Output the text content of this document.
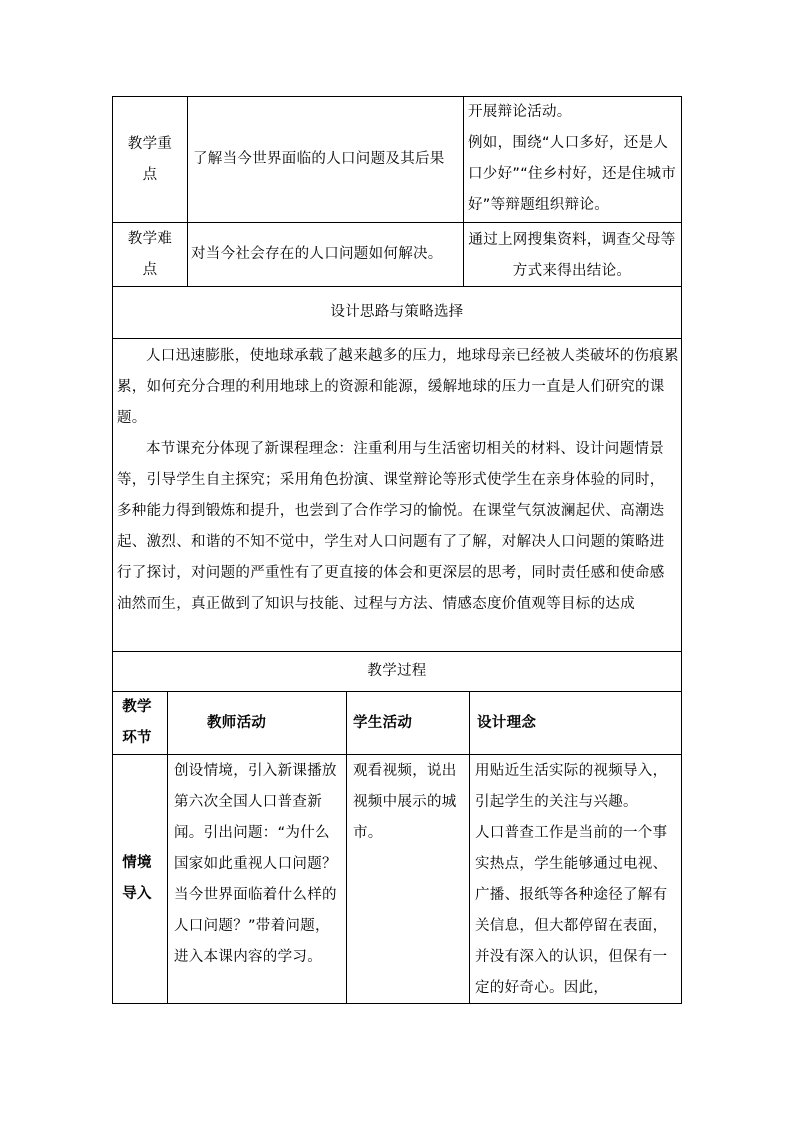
教学重点
了解当今世界面临的人口问题及其后果

开展辩论活动。

例如，围绕“人口多好，还是人口少好”“住乡村好，还是住城市好”等辩题组织辩论。

教学难点
对当今社会存在的人口问题如何解决。
通过上网搜集资料，调查父母等方式来得出结论。
设计思路与策略选择

人口迅速膨胀，使地球承载了越来越多的压力，地球母亲已经被人类破坏的伤痕累累，如何充分合理的利用地球上的资源和能源，缓解地球的压力一直是人们研究的课题。

本节课充分体现了新课程理念：注重利用与生活密切相关的材料、设计问题情景等，引导学生自主探究；采用角色扮演、课堂辩论等形式使学生在亲身体验的同时，多种能力得到锻炼和提升，也尝到了合作学习的愉悦。在课堂气氛波澜起伏、高潮迭起、激烈、和谐的不知不觉中，学生对人口问题有了了解，对解决人口问题的策略进行了探讨，对问题的严重性有了更直接的体会和更深层的思考，同时责任感和使命感油然而生，真正做到了知识与技能、过程与方法、情感态度价值观等目标的达成

教学过程
教学环节
教师活动	学生活动	设计理念
情境导入
创设情境，引入新课播放第六次全国人口普查新闻。引出问题：“为什么国家如此重视人口问题？当今世界面临着什么样的人口问题？”带着问题，进入本课内容的学习。
观看视频，说出视频中展示的城市。

用贴近生活实际的视频导入，引起学生的关注与兴趣。

人口普查工作是当前的一个事实热点，学生能够通过电视、广播、报纸等各种途径了解有关信息，但大都停留在表面，并没有深入的认识，但保有一定的好奇心。因此，
